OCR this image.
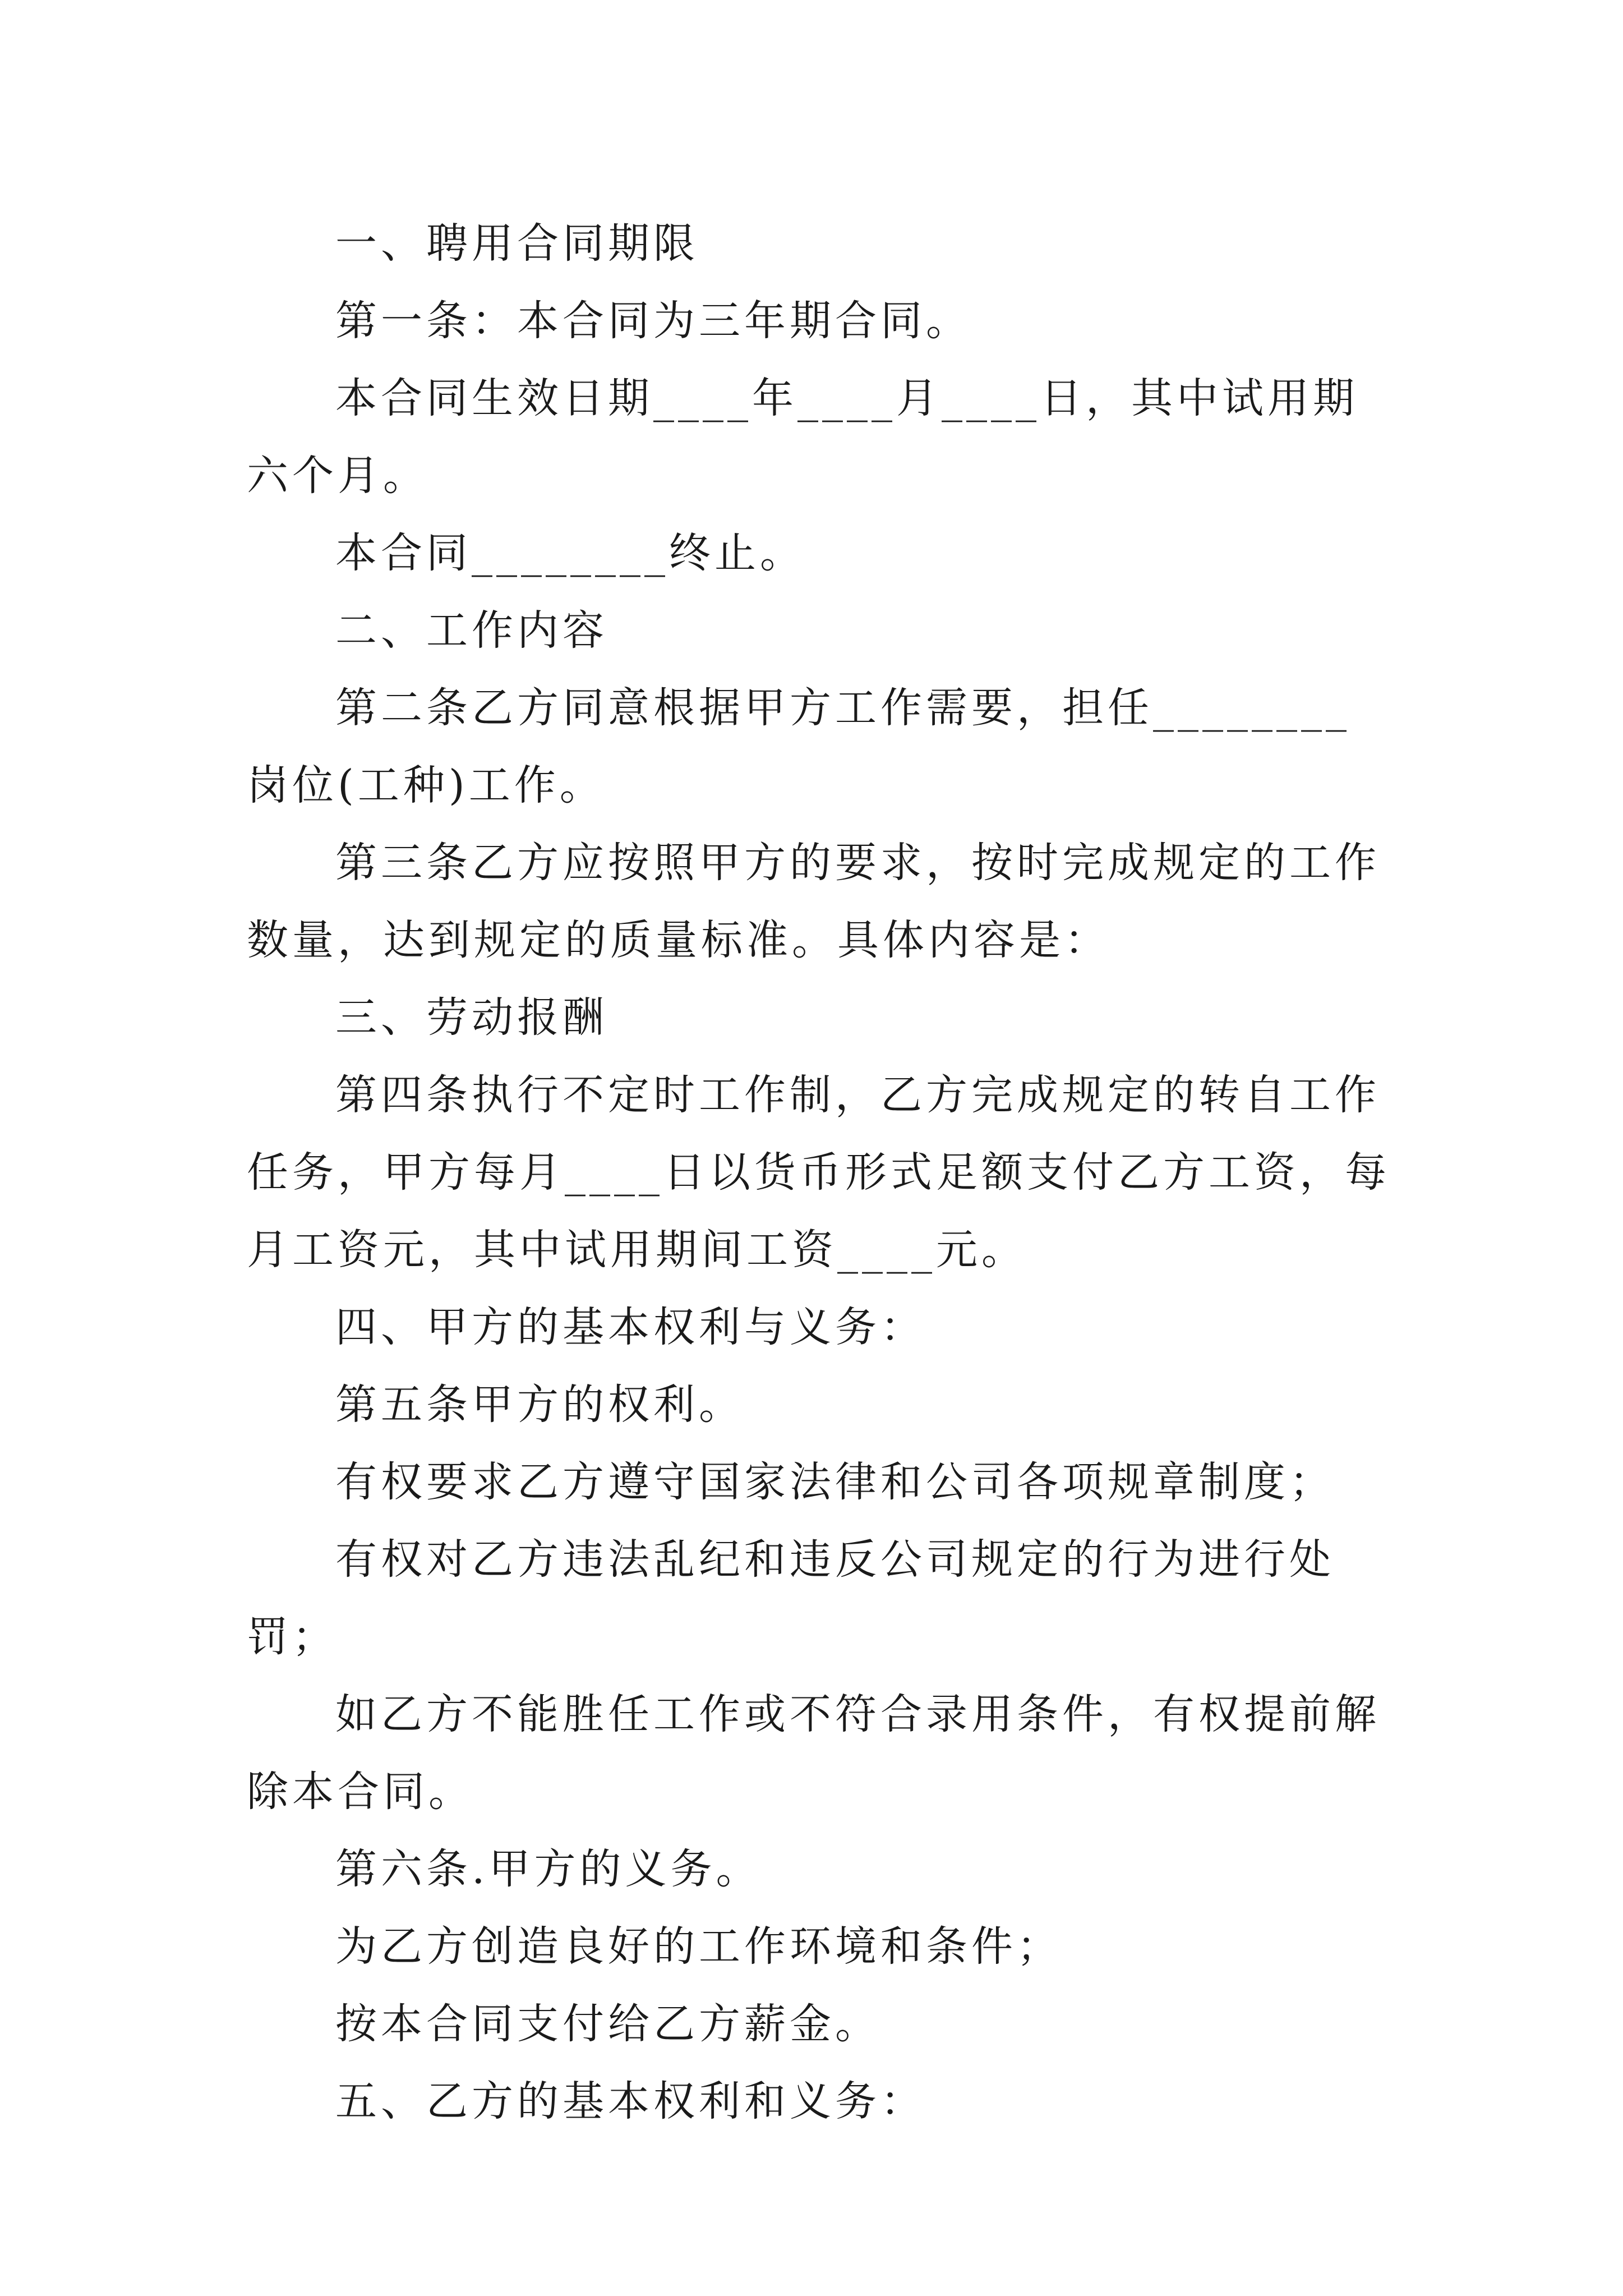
一、聘用合同期限

第一条：本合同为三年期合同。

本合同生效日期____年____月____日，其中试用期六个月。

本合同________终止。

二、工作内容

第二条乙方同意根据甲方工作需要，担任________岗位(工种)工作。

第三条乙方应按照甲方的要求，按时完成规定的工作数量，达到规定的质量标准。具体内容是：

三、劳动报酬

第四条执行不定时工作制，乙方完成规定的转自工作任务，甲方每月____日以货币形式足额支付乙方工资，每月工资元，其中试用期间工资____元。

四、甲方的基本权利与义务：

第五条甲方的权利。

有权要求乙方遵守国家法律和公司各项规章制度；

有权对乙方违法乱纪和违反公司规定的行为进行处罚；

如乙方不能胜任工作或不符合录用条件，有权提前解除本合同。

第六条.甲方的义务。

为乙方创造良好的工作环境和条件；

按本合同支付给乙方薪金。

五、乙方的基本权利和义务：
